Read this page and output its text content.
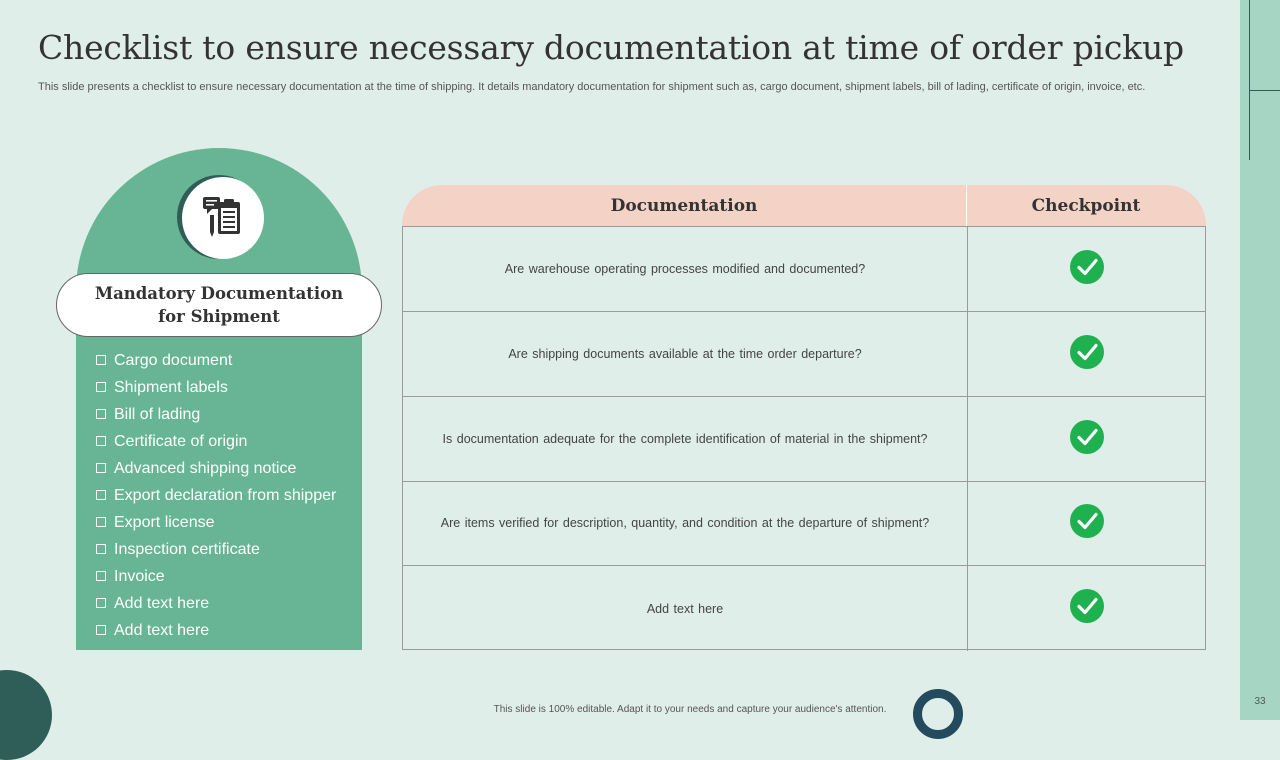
33
Checklist to ensure necessary documentation at time of order pickup

This slide presents a checklist to ensure necessary documentation at the time of shipping. It details mandatory documentation for shipment such as, cargo document, shipment labels, bill of lading, certificate of origin, invoice, etc.

Mandatory Documentation
for Shipment
Cargo document
Shipment labels
Bill of lading
Certificate of origin
Advanced shipping notice
Export declaration from shipper
Export license
Inspection certificate
Invoice
Add text here
Add text here
Documentation	Checkpoint
Are warehouse operating processes modified and documented?
Are shipping documents available at the time order departure?
Is documentation adequate for the complete identification of material in the shipment?
Are items verified for description, quantity, and condition at the departure of shipment?
Add text here

This slide is 100% editable. Adapt it to your needs and capture your audience's attention.
